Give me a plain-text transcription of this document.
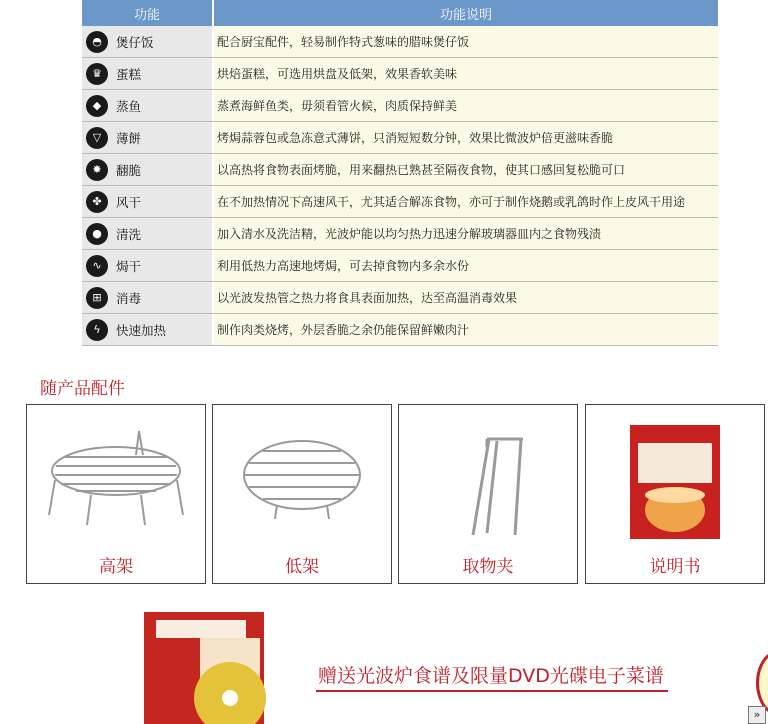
功能	功能说明
◓	煲仔饭	配合厨宝配件，轻易制作特式葱味的腊味煲仔饭
♛	蛋糕	烘焙蛋糕，可选用烘盘及低架，效果香软美味
◆	蒸鱼	蒸煮海鲜鱼类，毋须看管火候，肉质保持鲜美
▽	薄餅	烤焗蒜蓉包或急冻意式薄饼，只消短短数分钟，效果比微波炉倍更滋味香脆
✸	翻脆	以高热将食物表面烤脆，用来翻热已熟甚至隔夜食物，使其口感回复松脆可口
✤	风干	在不加热情况下高速风干，尤其适合解冻食物，亦可于制作烧鹅或乳鸽时作上皮风干用途
●	清洗	加入清水及洗洁精，光波炉能以均匀热力迅速分解玻璃器皿内之食物残渍
∿	焗干	利用低热力高速地烤焗，可去掉食物内多余水份
⊞	消毒	以光波发热管之热力将食具表面加热，达至高温消毒效果
ϟ	快速加热	制作肉类烧烤，外层香脆之余仍能保留鲜嫩肉汁
随产品配件
高架	低架	取物夹	说明书
赠送光波炉食谱及限量DVD光碟电子菜谱
»
